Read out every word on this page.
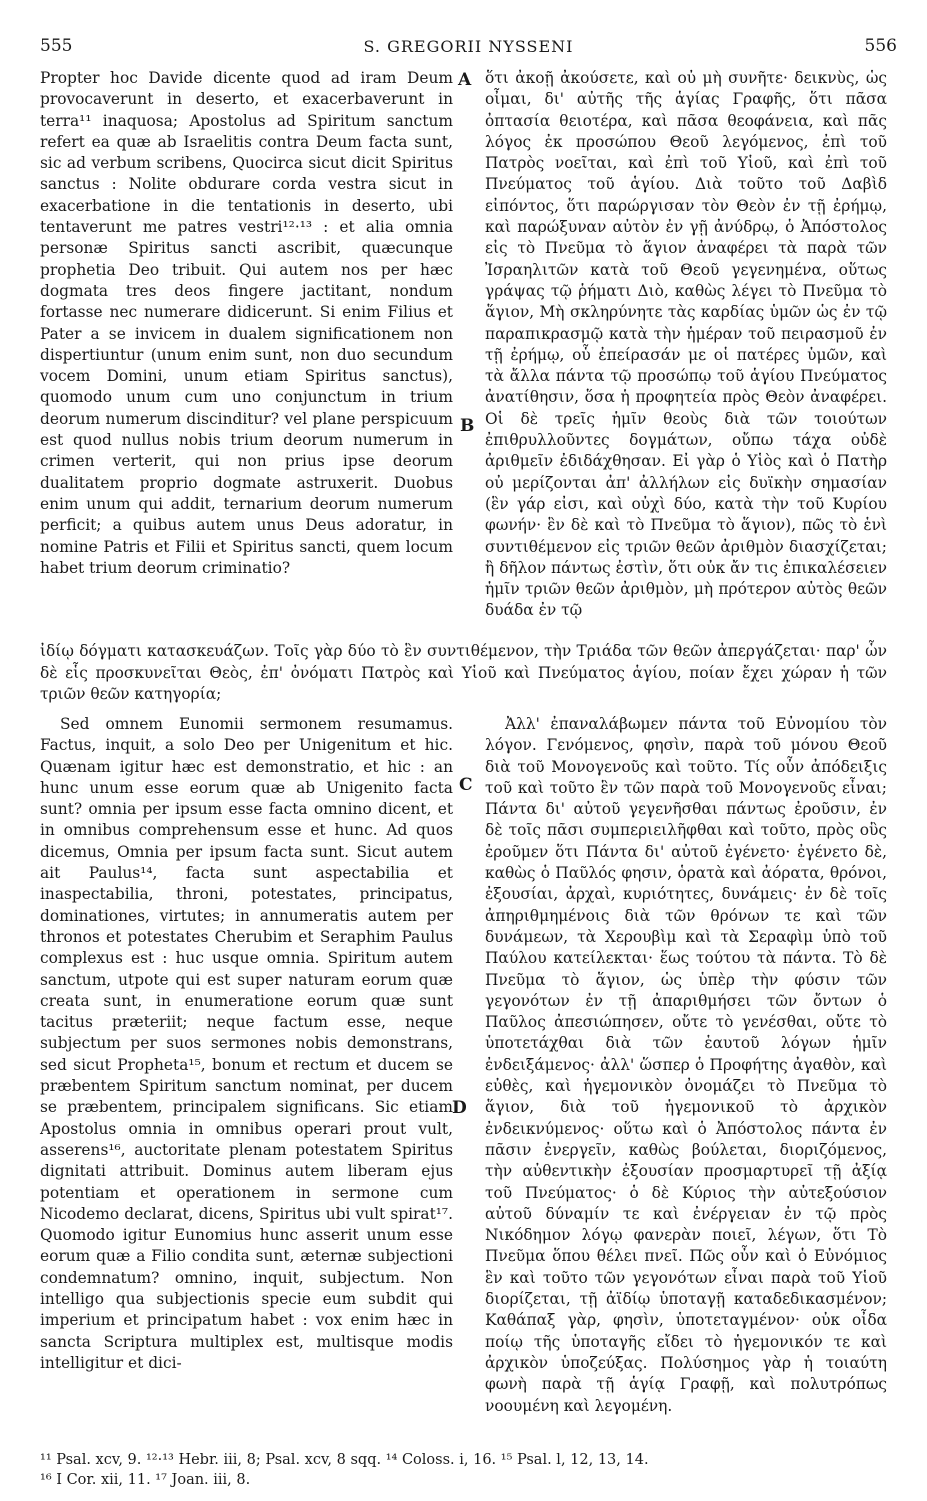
555	S. GREGORII NYSSENI	556

Propter hoc Davide dicente quod ad iram Deum provocaverunt in deserto, et exacerbaverunt in terra¹¹ inaquosa; Apostolus ad Spiritum sanctum refert ea quæ ab Israelitis contra Deum facta sunt, sic ad verbum scribens, Quocirca sicut dicit Spiritus sanctus : Nolite obdurare corda vestra sicut in exacerbatione in die tentationis in deserto, ubi tentaverunt me patres vestri¹²·¹³ : et alia omnia personæ Spiritus sancti ascribit, quæcunque prophetia Deo tribuit. Qui autem nos per hæc dogmata tres deos fingere jactitant, nondum fortasse nec numerare didicerunt. Si enim Filius et Pater a se invicem in dualem significationem non dispertiuntur (unum enim sunt, non duo secundum vocem Domini, unum etiam Spiritus sanctus), quomodo unum cum uno conjunctum in trium deorum numerum discinditur? vel plane perspicuum est quod nullus nobis trium deorum numerum in crimen verterit, qui non prius ipse deorum dualitatem proprio dogmate astruxerit. Duobus enim unum qui addit, ternarium deorum numerum perficit; a quibus autem unus Deus adoratur, in nomine Patris et Filii et Spiritus sancti, quem locum habet trium deorum criminatio?

A
B

ὅτι ἀκοῇ ἀκούσετε, καὶ οὐ μὴ συνῆτε· δεικνὺς, ὡς οἶμαι, δι' αὐτῆς τῆς ἁγίας Γραφῆς, ὅτι πᾶσα ὀπτασία θειοτέρα, καὶ πᾶσα θεοφάνεια, καὶ πᾶς λόγος ἐκ προσώπου Θεοῦ λεγόμενος, ἐπὶ τοῦ Πατρὸς νοεῖται, καὶ ἐπὶ τοῦ Υἱοῦ, καὶ ἐπὶ τοῦ Πνεύματος τοῦ ἁγίου. Διὰ τοῦτο τοῦ Δαβὶδ εἰπόντος, ὅτι παρώργισαν τὸν Θεὸν ἐν τῇ ἐρήμῳ, καὶ παρώξυναν αὐτὸν ἐν γῇ ἀνύδρῳ, ὁ Ἀπόστολος εἰς τὸ Πνεῦμα τὸ ἅγιον ἀναφέρει τὰ παρὰ τῶν Ἰσραηλιτῶν κατὰ τοῦ Θεοῦ γεγενημένα, οὕτως γράψας τῷ ῥήματι Διὸ, καθὼς λέγει τὸ Πνεῦμα τὸ ἅγιον, Μὴ σκληρύνητε τὰς καρδίας ὑμῶν ὡς ἐν τῷ παραπικρασμῷ κατὰ τὴν ἡμέραν τοῦ πειρασμοῦ ἐν τῇ ἐρήμῳ, οὗ ἐπείρασάν με οἱ πατέρες ὑμῶν, καὶ τὰ ἄλλα πάντα τῷ προσώπῳ τοῦ ἁγίου Πνεύματος ἀνατίθησιν, ὅσα ἡ προφητεία πρὸς Θεὸν ἀναφέρει. Οἱ δὲ τρεῖς ἡμῖν θεοὺς διὰ τῶν τοιούτων ἐπιθρυλλοῦντες δογμάτων, οὔπω τάχα οὐδὲ ἀριθμεῖν ἐδιδάχθησαν. Εἰ γὰρ ὁ Υἱὸς καὶ ὁ Πατὴρ οὐ μερίζονται ἀπ' ἀλλήλων εἰς δυϊκὴν σημασίαν (ἓν γάρ εἰσι, καὶ οὐχὶ δύο, κατὰ τὴν τοῦ Κυρίου φωνήν· ἓν δὲ καὶ τὸ Πνεῦμα τὸ ἅγιον), πῶς τὸ ἑνὶ συντιθέμενον εἰς τριῶν θεῶν ἀριθμὸν διασχίζεται; ἢ δῆλον πάντως ἐστὶν, ὅτι οὐκ ἄν τις ἐπικαλέσειεν ἡμῖν τριῶν θεῶν ἀριθμὸν, μὴ πρότερον αὐτὸς θεῶν δυάδα ἐν τῷ

ἰδίῳ δόγματι κατασκευάζων. Τοῖς γὰρ δύο τὸ ἓν συντιθέμενον, τὴν Τριάδα τῶν θεῶν ἀπεργάζεται· παρ' ὧν δὲ εἷς προσκυνεῖται Θεὸς, ἐπ' ὀνόματι Πατρὸς καὶ Υἱοῦ καὶ Πνεύματος ἁγίου, ποίαν ἔχει χώραν ἡ τῶν τριῶν θεῶν κατηγορία;

Sed omnem Eunomii sermonem resumamus. Factus, inquit, a solo Deo per Unigenitum et hic. Quænam igitur hæc est demonstratio, et hic : an hunc unum esse eorum quæ ab Unigenito facta sunt? omnia per ipsum esse facta omnino dicent, et in omnibus comprehensum esse et hunc. Ad quos dicemus, Omnia per ipsum facta sunt. Sicut autem ait Paulus¹⁴, facta sunt aspectabilia et inaspectabilia, throni, potestates, principatus, dominationes, virtutes; in annumeratis autem per thronos et potestates Cherubim et Seraphim Paulus complexus est : huc usque omnia. Spiritum autem sanctum, utpote qui est super naturam eorum quæ creata sunt, in enumeratione eorum quæ sunt tacitus præteriit; neque factum esse, neque subjectum per suos sermones nobis demonstrans, sed sicut Propheta¹⁵, bonum et rectum et ducem se præbentem Spiritum sanctum nominat, per ducem se præbentem, principalem significans. Sic etiam Apostolus omnia in omnibus operari prout vult, asserens¹⁶, auctoritate plenam potestatem Spiritus dignitati attribuit. Dominus autem liberam ejus potentiam et operationem in sermone cum Nicodemo declarat, dicens, Spiritus ubi vult spirat¹⁷. Quomodo igitur Eunomius hunc asserit unum esse eorum quæ a Filio condita sunt, æternæ subjectioni condemnatum? omnino, inquit, subjectum. Non intelligo qua subjectionis specie eum subdit qui imperium et principatum habet : vox enim hæc in sancta Scriptura multiplex est, multisque modis intelligitur et dici-

C
D

Ἀλλ' ἐπαναλάβωμεν πάντα τοῦ Εὐνομίου τὸν λόγον. Γενόμενος, φησὶν, παρὰ τοῦ μόνου Θεοῦ διὰ τοῦ Μονογενοῦς καὶ τοῦτο. Τίς οὖν ἀπόδειξις τοῦ καὶ τοῦτο ἓν τῶν παρὰ τοῦ Μονογενοῦς εἶναι; Πάντα δι' αὐτοῦ γεγενῆσθαι πάντως ἐροῦσιν, ἐν δὲ τοῖς πᾶσι συμπεριειλῆφθαι καὶ τοῦτο, πρὸς οὓς ἐροῦμεν ὅτι Πάντα δι' αὐτοῦ ἐγένετο· ἐγένετο δὲ, καθὼς ὁ Παῦλός φησιν, ὁρατὰ καὶ ἀόρατα, θρόνοι, ἐξουσίαι, ἀρχαὶ, κυριότητες, δυνάμεις· ἐν δὲ τοῖς ἀπηριθμημένοις διὰ τῶν θρόνων τε καὶ τῶν δυνάμεων, τὰ Χερουβὶμ καὶ τὰ Σεραφὶμ ὑπὸ τοῦ Παύλου κατείλεκται· ἕως τούτου τὰ πάντα. Τὸ δὲ Πνεῦμα τὸ ἅγιον, ὡς ὑπὲρ τὴν φύσιν τῶν γεγονότων ἐν τῇ ἀπαριθμήσει τῶν ὄντων ὁ Παῦλος ἀπεσιώπησεν, οὔτε τὸ γενέσθαι, οὔτε τὸ ὑποτετάχθαι διὰ τῶν ἑαυτοῦ λόγων ἡμῖν ἐνδειξάμενος· ἀλλ' ὥσπερ ὁ Προφήτης ἀγαθὸν, καὶ εὐθὲς, καὶ ἡγεμονικὸν ὀνομάζει τὸ Πνεῦμα τὸ ἅγιον, διὰ τοῦ ἡγεμονικοῦ τὸ ἀρχικὸν ἐνδεικνύμενος· οὕτω καὶ ὁ Ἀπόστολος πάντα ἐν πᾶσιν ἐνεργεῖν, καθὼς βούλεται, διοριζόμενος, τὴν αὐθεντικὴν ἐξουσίαν προσμαρτυρεῖ τῇ ἀξίᾳ τοῦ Πνεύματος· ὁ δὲ Κύριος τὴν αὐτεξούσιον αὐτοῦ δύναμίν τε καὶ ἐνέργειαν ἐν τῷ πρὸς Νικόδημον λόγῳ φανερὰν ποιεῖ, λέγων, ὅτι Τὸ Πνεῦμα ὅπου θέλει πνεῖ. Πῶς οὖν καὶ ὁ Εὐνόμιος ἓν καὶ τοῦτο τῶν γεγονότων εἶναι παρὰ τοῦ Υἱοῦ διορίζεται, τῇ ἀϊδίῳ ὑποταγῇ καταδεδικασμένον; Καθάπαξ γὰρ, φησὶν, ὑποτεταγμένον· οὐκ οἶδα ποίῳ τῆς ὑποταγῆς εἴδει τὸ ἡγεμονικόν τε καὶ ἀρχικὸν ὑποζεύξας. Πολύσημος γὰρ ἡ τοιαύτη φωνὴ παρὰ τῇ ἁγίᾳ Γραφῇ, καὶ πολυτρόπως νοουμένη καὶ λεγομένη.

¹¹ Psal. xcv, 9. ¹²·¹³ Hebr. iii, 8; Psal. xcv, 8 sqq. ¹⁴ Coloss. i, 16. ¹⁵ Psal. l, 12, 13, 14.

¹⁶ I Cor. xii, 11. ¹⁷ Joan. iii, 8.
